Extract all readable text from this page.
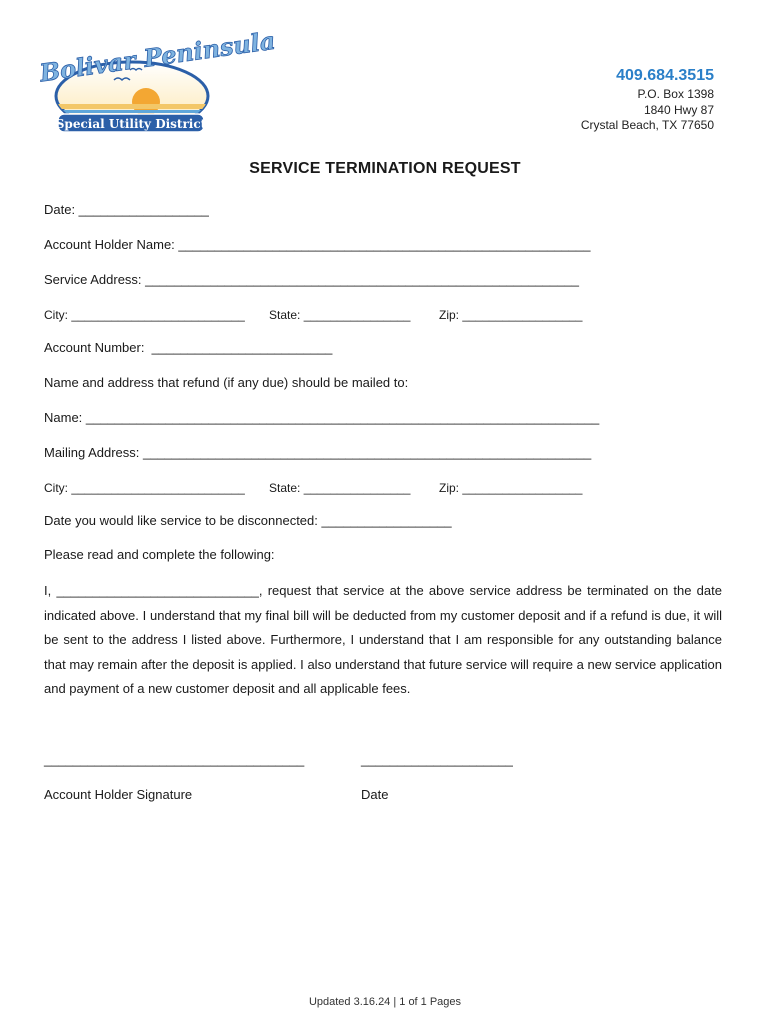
Bolivar Peninsula
Special Utility District
409.684.3515
P.O. Box 1398
1840 Hwy 87
Crystal Beach, TX 77650
SERVICE TERMINATION REQUEST
Date: __________________
Account Holder Name: _________________________________________________________
Service Address: ____________________________________________________________
City: __________________________ State: ________________ Zip: __________________
Account Number:  _________________________
Name and address that refund (if any due) should be mailed to:
Name: _______________________________________________________________________
Mailing Address: ______________________________________________________________
City: __________________________ State: ________________ Zip: __________________
Date you would like service to be disconnected: __________________
Please read and complete the following:
I, ____________________________, request that service at the above service address be terminated on the date indicated above. I understand that my final bill will be deducted from my customer deposit and if a refund is due, it will be sent to the address I listed above. Furthermore, I understand that I am responsible for any outstanding balance that may remain after the deposit is applied. I also understand that future service will require a new service application and payment of a new customer deposit and all applicable fees.
____________________________________	_____________________
Account Holder Signature	Date
Updated 3.16.24 | 1 of 1 Pages
